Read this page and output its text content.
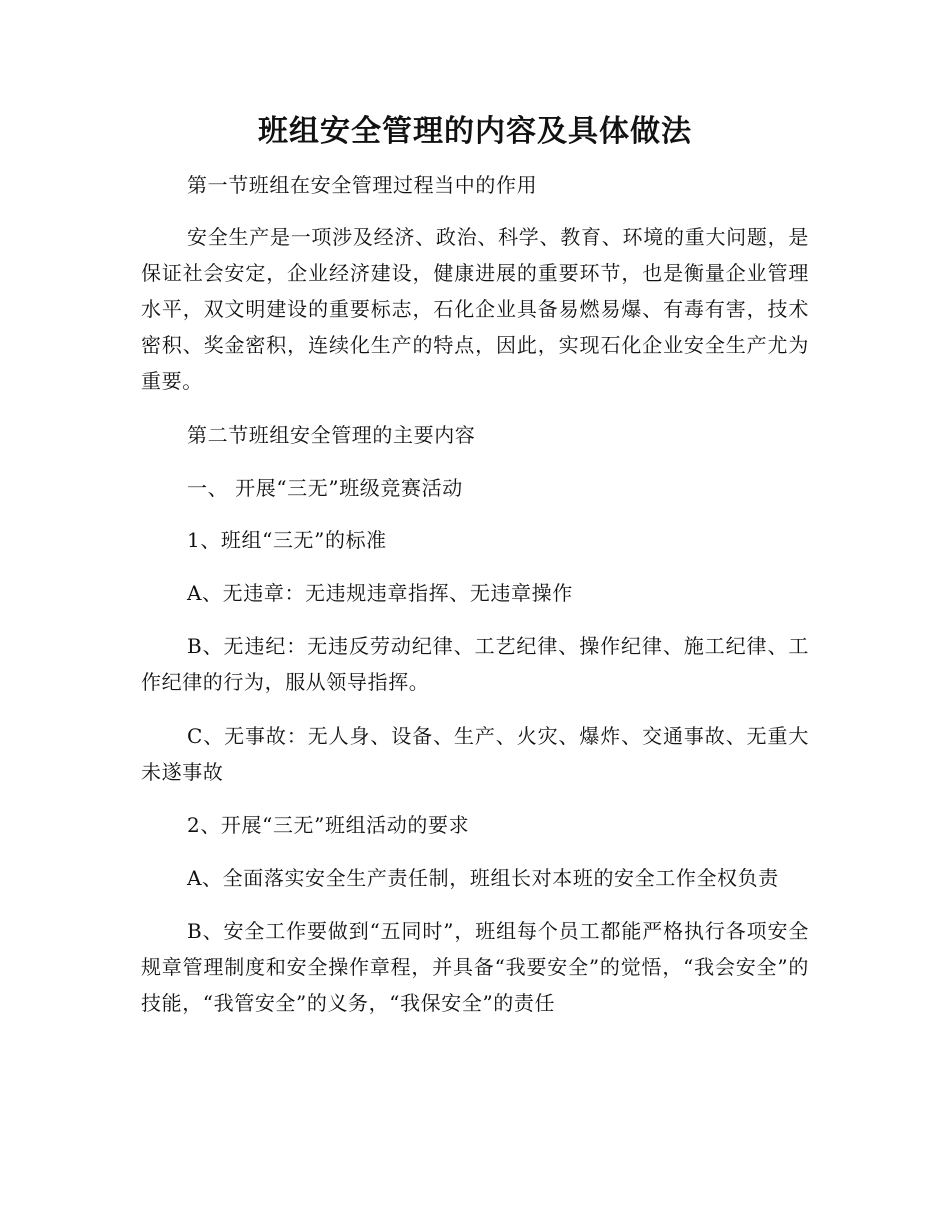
班组安全管理的内容及具体做法
第一节班组在安全管理过程当中的作用
安全生产是一项涉及经济、政治、科学、教育、环境的重大问题，是保证社会安定，企业经济建设，健康进展的重要环节，也是衡量企业管理水平，双文明建设的重要标志，石化企业具备易燃易爆、有毒有害，技术密积、奖金密积，连续化生产的特点，因此，实现石化企业安全生产尤为重要。
第二节班组安全管理的主要内容
一、 开展“三无”班级竞赛活动
1、班组“三无”的标准
A、无违章：无违规违章指挥、无违章操作
B、无违纪：无违反劳动纪律、工艺纪律、操作纪律、施工纪律、工作纪律的行为，服从领导指挥。
C、无事故：无人身、设备、生产、火灾、爆炸、交通事故、无重大未遂事故
2、开展“三无”班组活动的要求
A、全面落实安全生产责任制，班组长对本班的安全工作全权负责
B、安全工作要做到“五同时”，班组每个员工都能严格执行各项安全规章管理制度和安全操作章程，并具备“我要安全”的觉悟，“我会安全”的技能，“我管安全”的义务，“我保安全”的责任
